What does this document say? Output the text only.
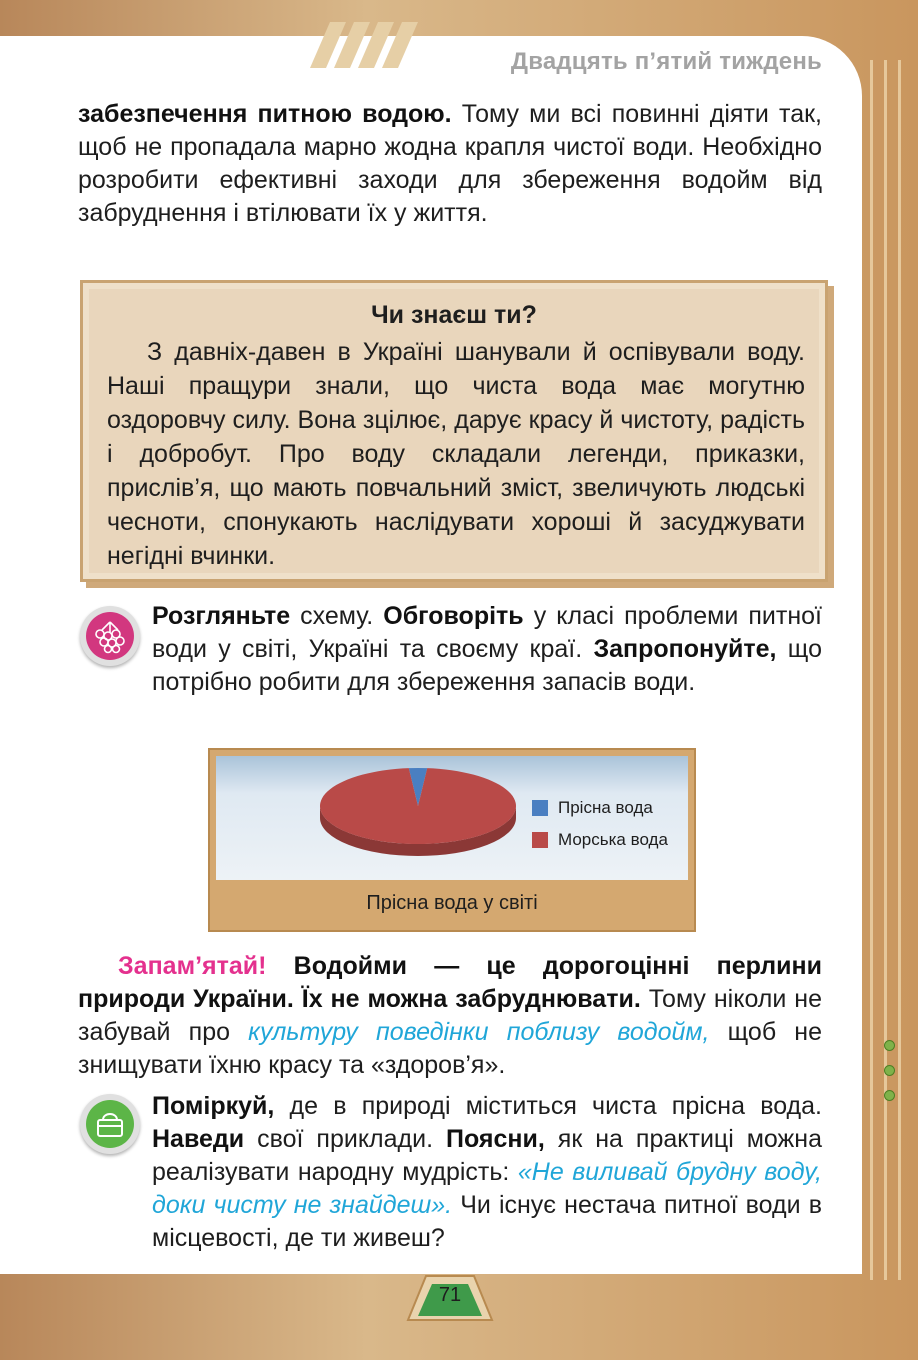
Двадцять п’ятий тиждень
забезпечення питною водою. Тому ми всі повинні діяти так, щоб не пропадала марно жодна крапля чистої води. Необхідно розробити ефективні заходи для збереження водойм від забруднення і втілювати їх у життя.
Чи знаєш ти?
З давніх-давен в Україні шанували й оспівували воду. Наші пращури знали, що чиста вода має могутню оздоровчу силу. Вона зцілює, дарує красу й чистоту, радість і добробут. Про воду складали легенди, приказки, прислів’я, що мають повчальний зміст, звеличують людські чесноти, спонукають наслідувати хороші й засуджувати негідні вчинки.
Розгляньте схему. Обговоріть у класі проблеми питної води у світі, Україні та своєму краї. Запропонуйте, що потрібно робити для збереження запасів води.
Прісна вода
Морська вода
Прісна вода у світі
Запам’ятай! Водойми — це дорогоцінні перлини природи України. Їх не можна забруднювати. Тому ніколи не забувай про культуру поведінки поблизу водойм, щоб не знищувати їхню красу та «здоров’я».
Поміркуй, де в природі міститься чиста прісна вода. Наведи свої приклади. Поясни, як на практиці можна реалізувати народну мудрість: «Не виливай брудну воду, доки чисту не знайдеш». Чи існує нестача питної води в місцевості, де ти живеш?
71
